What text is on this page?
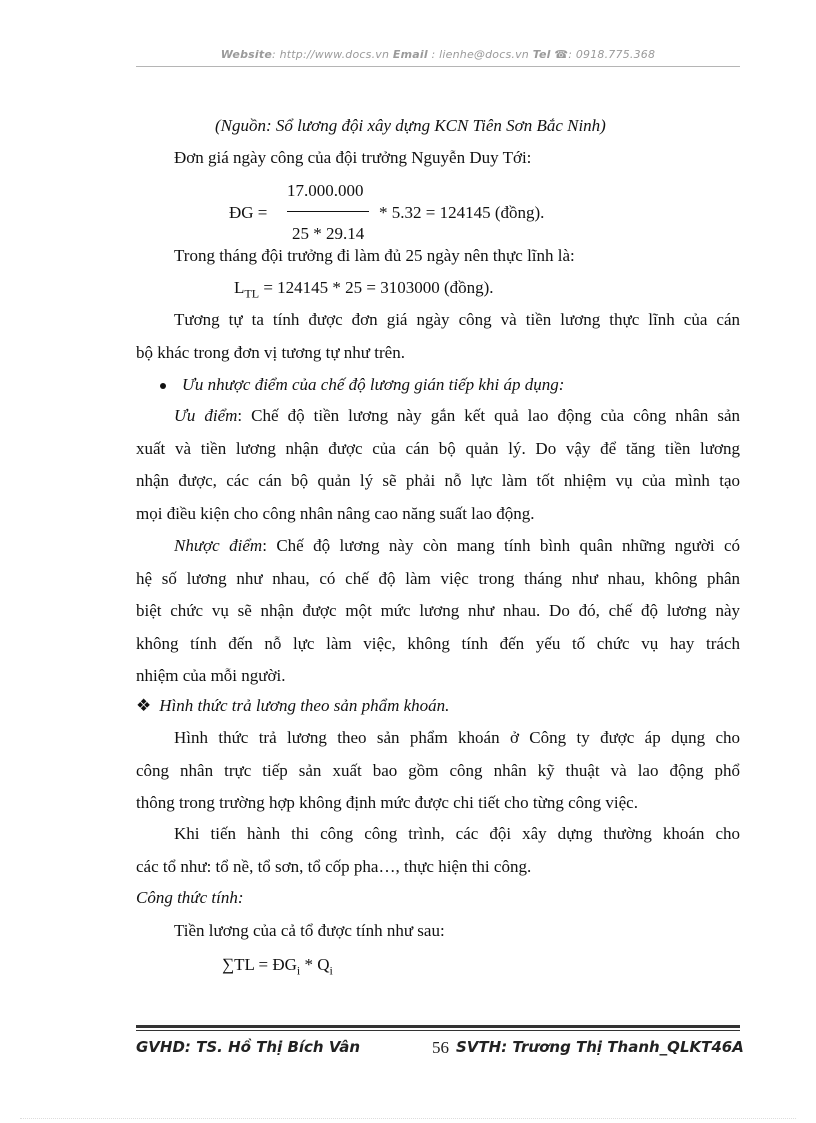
Website: http://www.docs.vn Email : lienhe@docs.vn Tel ☎: 0918.775.368
(Nguồn: Sổ lương đội xây dựng KCN Tiên Sơn Bắc Ninh)
Đơn giá ngày công của đội trưởng Nguyễn Duy Tới:
ĐG =
17.000.000
25 * 29.14
* 5.32 = 124145 (đồng).
Trong tháng đội trưởng đi làm đủ 25 ngày nên thực lĩnh là:
$L_{TL} = 124145 * 25 = 3103000$ (đồng).
Tương tự ta tính được đơn giá ngày công và tiền lương thực lĩnh của cán
bộ khác trong đơn vị tương tự như trên.
Ưu nhược điểm của chế độ lương gián tiếp khi áp dụng:
Ưu điểm: Chế độ tiền lương này gắn kết quả lao động của công nhân sản
xuất và tiền lương nhận được của cán bộ quản lý. Do vậy để tăng tiền lương
nhận được, các cán bộ quản lý sẽ phải nỗ lực làm tốt nhiệm vụ của mình tạo
mọi điều kiện cho công nhân nâng cao năng suất lao động.
Nhược điểm: Chế độ lương này còn mang tính bình quân những người có
hệ số lương như nhau, có chế độ làm việc trong tháng như nhau, không phân
biệt chức vụ sẽ nhận được một mức lương như nhau. Do đó, chế độ lương này
không tính đến nỗ lực làm việc, không tính đến yếu tố chức vụ hay trách
nhiệm của mỗi người.
❖ Hình thức trả lương theo sản phẩm khoán.
Hình thức trả lương theo sản phẩm khoán ở Công ty được áp dụng cho
công nhân trực tiếp sản xuất bao gồm công nhân kỹ thuật và lao động phổ
thông trong trường hợp không định mức được chi tiết cho từng công việc.
Khi tiến hành thi công công trình, các đội xây dựng thường khoán cho
các tổ như: tổ nề, tổ sơn, tổ cốp pha…, thực hiện thi công.
Công thức tính:
Tiền lương của cả tổ được tính như sau:
$\sum TL = ĐG_i * Q_i$
GVHD: TS. Hồ Thị Bích Vân	56 SVTH: Trương Thị Thanh_QLKT46A
